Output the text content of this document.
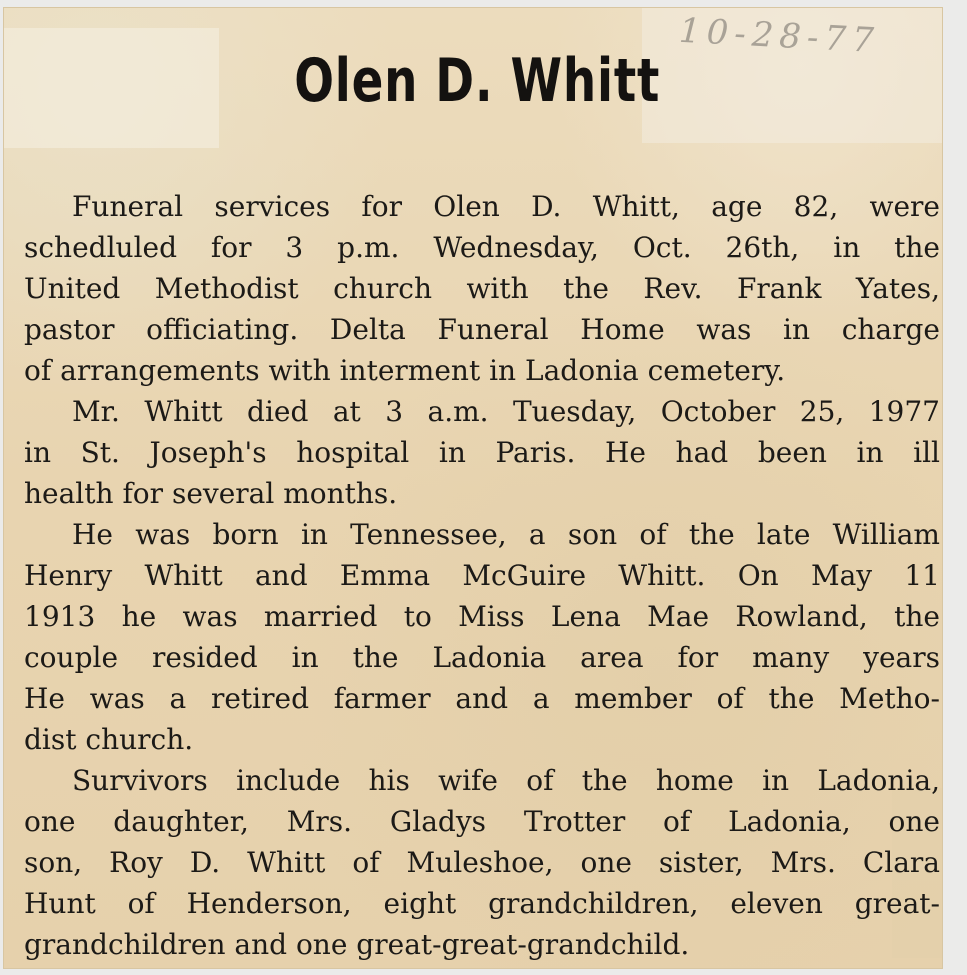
10-28-77
Olen D. Whitt
Funeral services for Olen D. Whitt, age 82, were
schedluled for 3 p.m. Wednesday, Oct. 26th, in the
United Methodist church with the Rev. Frank Yates,
pastor officiating. Delta Funeral Home was in charge
of arrangements with interment in Ladonia cemetery.
Mr. Whitt died at 3 a.m. Tuesday, October 25, 1977
in St. Joseph's hospital in Paris. He had been in ill
health for several months.
He was born in Tennessee, a son of the late William
Henry Whitt and Emma McGuire Whitt. On May 11
1913 he was married to Miss Lena Mae Rowland, the
couple resided in the Ladonia area for many years
He was a retired farmer and a member of the Metho-
dist church.
Survivors include his wife of the home in Ladonia,
one daughter, Mrs. Gladys Trotter of Ladonia, one
son, Roy D. Whitt of Muleshoe, one sister, Mrs. Clara
Hunt of Henderson, eight grandchildren, eleven great-
grandchildren and one great-great-grandchild.
